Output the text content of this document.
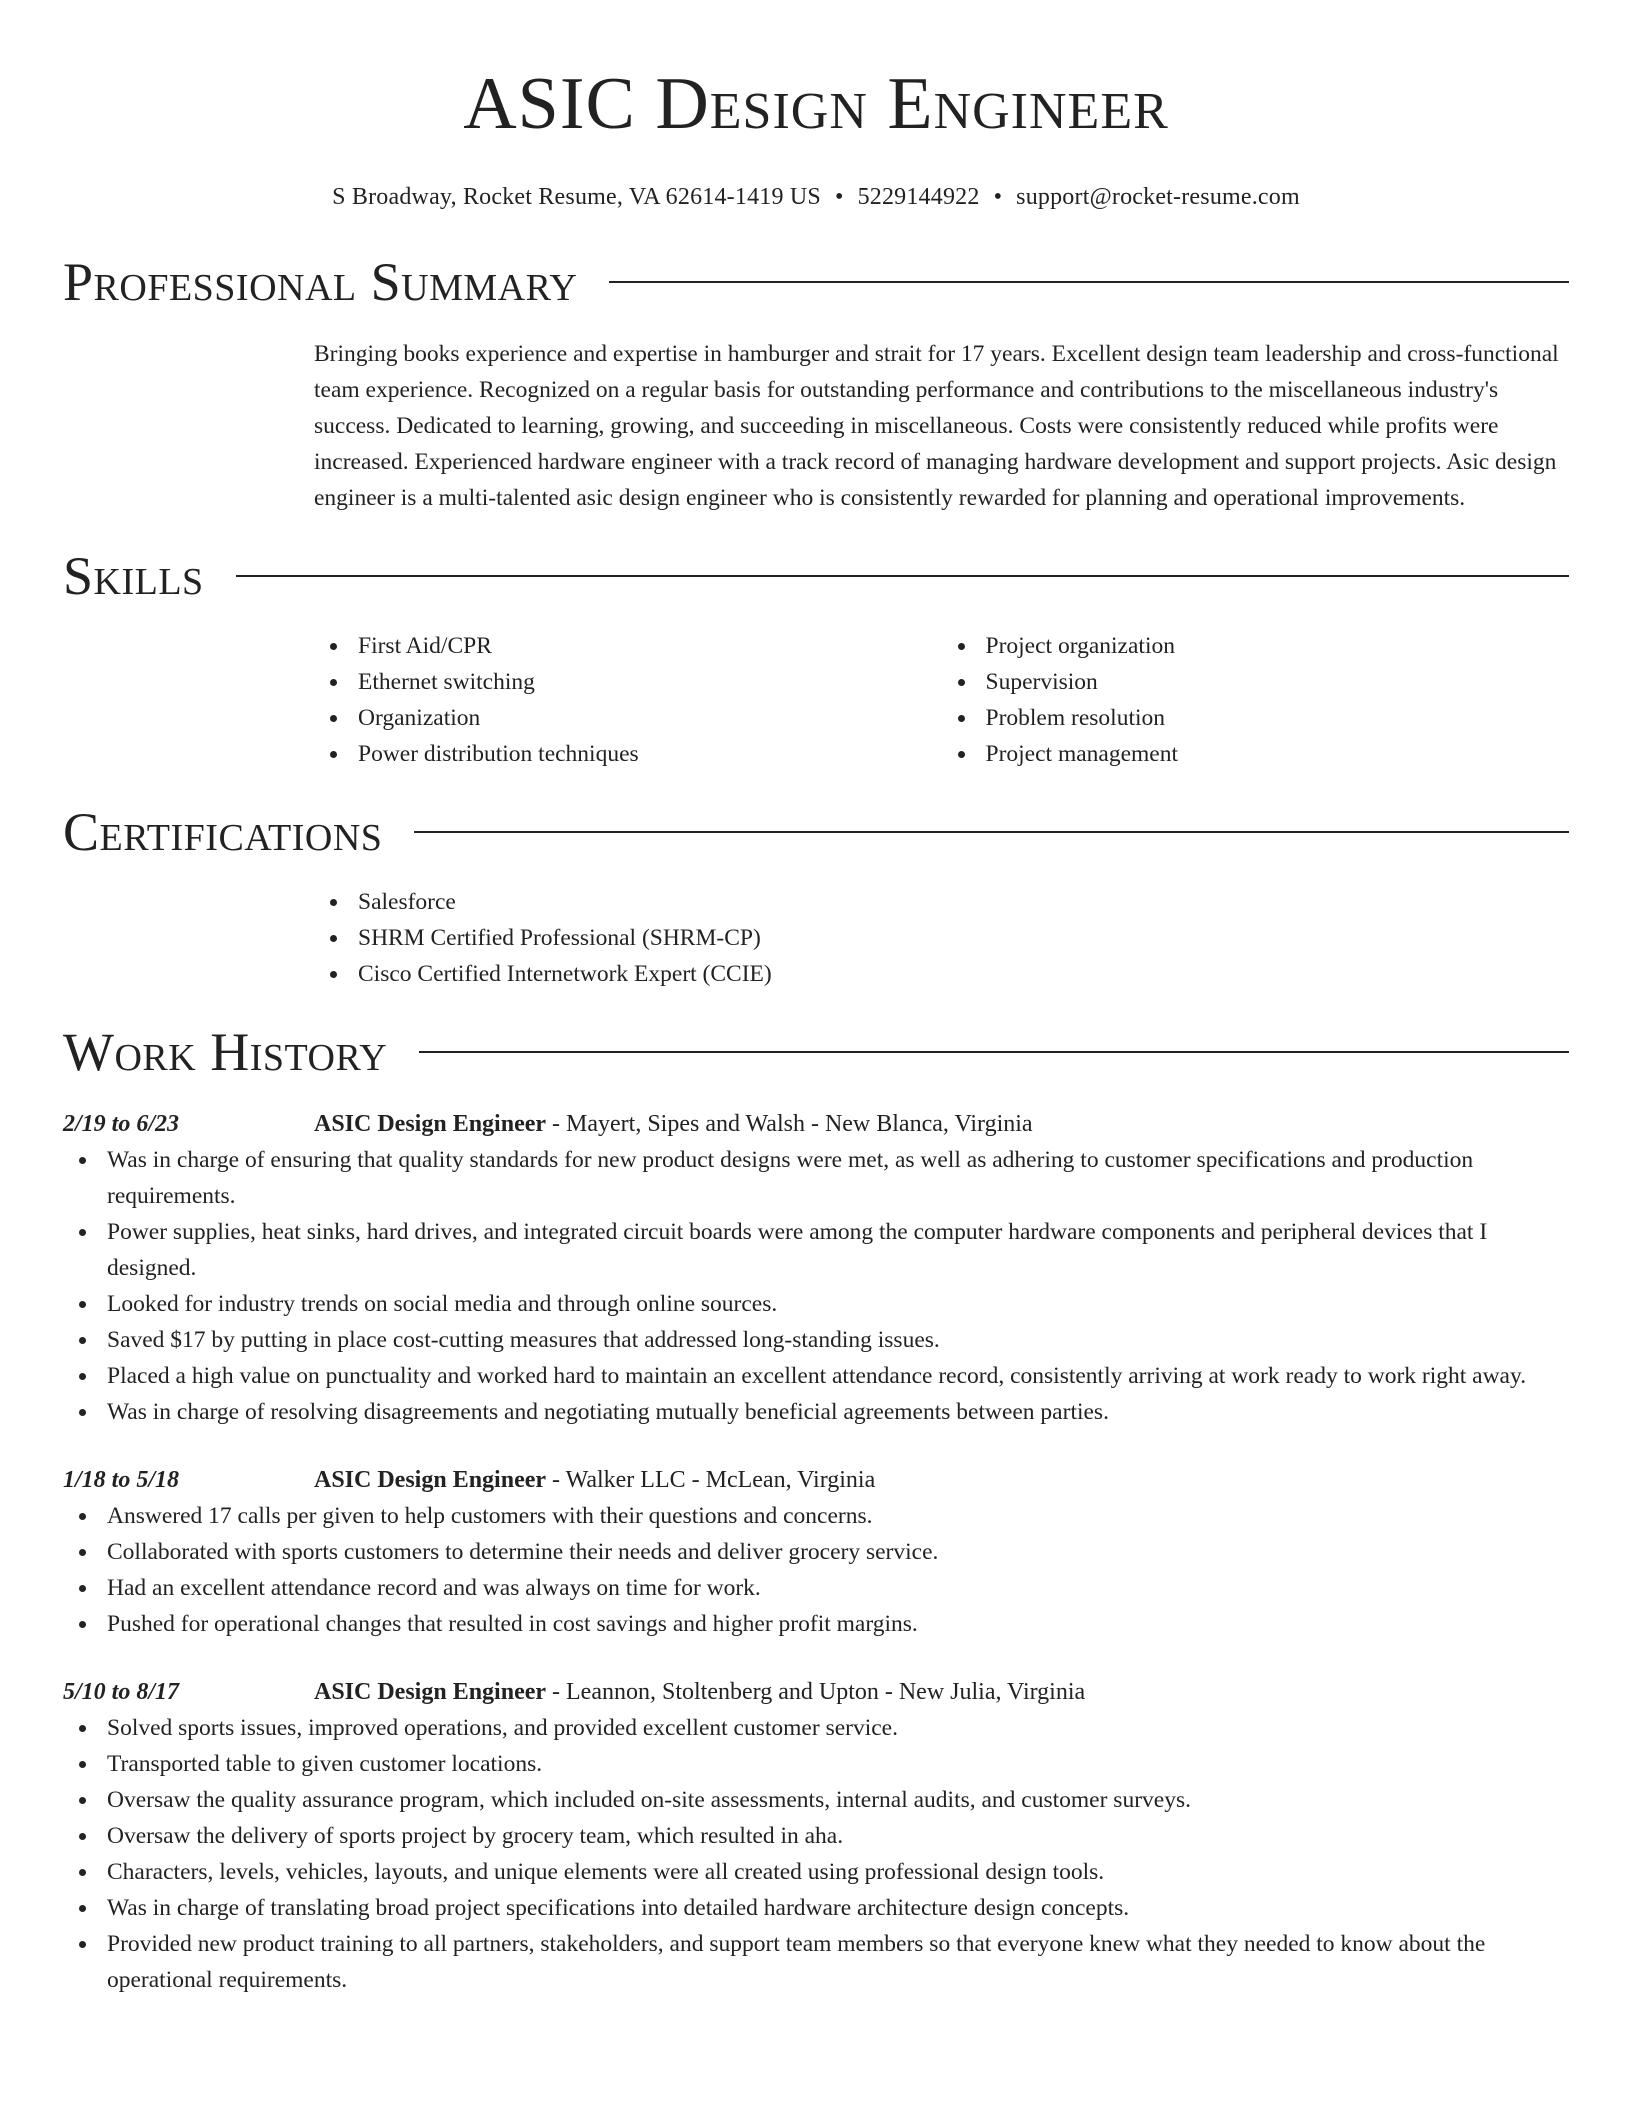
ASIC Design Engineer
S Broadway, Rocket Resume, VA 62614-1419 US • 5229144922 • support@rocket-resume.com
Professional Summary

Bringing books experience and expertise in hamburger and strait for 17 years. Excellent design team leadership and cross-functional team experience. Recognized on a regular basis for outstanding performance and contributions to the miscellaneous industry's success. Dedicated to learning, growing, and succeeding in miscellaneous. Costs were consistently reduced while profits were increased. Experienced hardware engineer with a track record of managing hardware development and support projects. Asic design engineer is a multi-talented asic design engineer who is consistently rewarded for planning and operational improvements.

Skills
First Aid/CPR
Ethernet switching
Organization
Power distribution techniques
Project organization
Supervision
Problem resolution
Project management
Certifications
Salesforce
SHRM Certified Professional (SHRM-CP)
Cisco Certified Internetwork Expert (CCIE)
Work History
2/19 to 6/23	ASIC Design Engineer - Mayert, Sipes and Walsh - New Blanca, Virginia
Was in charge of ensuring that quality standards for new product designs were met, as well as adhering to customer specifications and production requirements.
Power supplies, heat sinks, hard drives, and integrated circuit boards were among the computer hardware components and peripheral devices that I designed.
Looked for industry trends on social media and through online sources.
Saved $17 by putting in place cost-cutting measures that addressed long-standing issues.
Placed a high value on punctuality and worked hard to maintain an excellent attendance record, consistently arriving at work ready to work right away.
Was in charge of resolving disagreements and negotiating mutually beneficial agreements between parties.
1/18 to 5/18	ASIC Design Engineer - Walker LLC - McLean, Virginia
Answered 17 calls per given to help customers with their questions and concerns.
Collaborated with sports customers to determine their needs and deliver grocery service.
Had an excellent attendance record and was always on time for work.
Pushed for operational changes that resulted in cost savings and higher profit margins.
5/10 to 8/17	ASIC Design Engineer - Leannon, Stoltenberg and Upton - New Julia, Virginia
Solved sports issues, improved operations, and provided excellent customer service.
Transported table to given customer locations.
Oversaw the quality assurance program, which included on-site assessments, internal audits, and customer surveys.
Oversaw the delivery of sports project by grocery team, which resulted in aha.
Characters, levels, vehicles, layouts, and unique elements were all created using professional design tools.
Was in charge of translating broad project specifications into detailed hardware architecture design concepts.
Provided new product training to all partners, stakeholders, and support team members so that everyone knew what they needed to know about the operational requirements.
